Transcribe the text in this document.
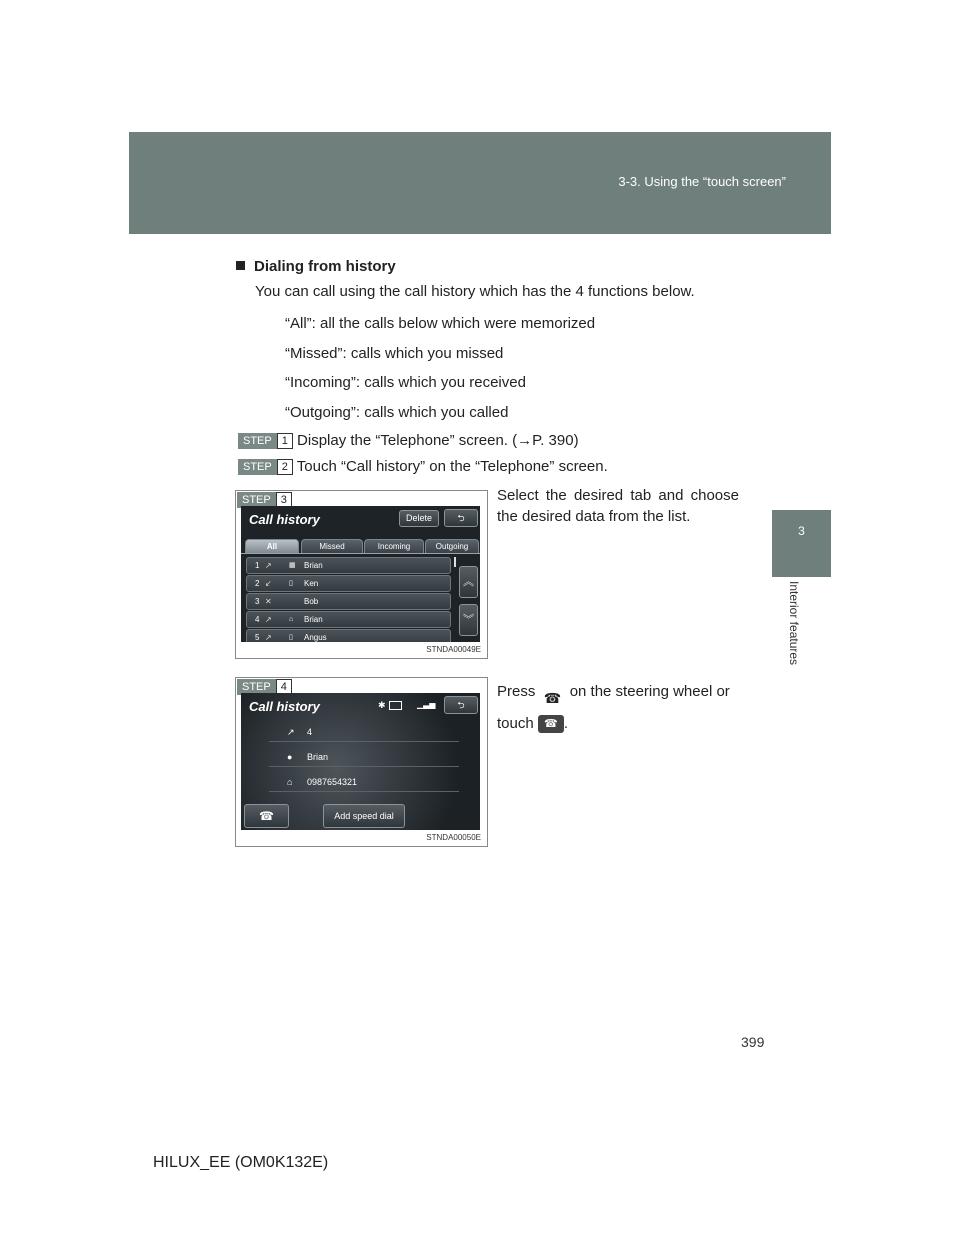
3-3. Using the “touch screen”
399
3
Interior features
Dialing from history
You can call using the call history which has the 4 functions below.
“All”: all the calls below which were memorized
“Missed”: calls which you missed
“Incoming”: calls which you received
“Outgoing”: calls which you called
STEP 1 Display the “Telephone” screen. (→P. 390)
STEP 2 Touch “Call history” on the “Telephone” screen.
STEP 3
Call history	Delete	⮌
All	Missed	Incoming	Outgoing
1 ↗ ▦ Brian
2 ↙ ▯ Ken
3 ✕	Bob
4 ↗ ⌂ Brian
5 ↗ ▯ Angus
︽
︾
STNDA00049E
Select the desired tab and choose the desired data from the list.
STEP 4
Call history	✱	▁▃▅	⮌
↗ 4
● Brian
⌂ 0987654321
☎	Add speed dial
STNDA00050E
Press ☎ on the steering wheel or touch ☎ .
HILUX_EE (OM0K132E)
